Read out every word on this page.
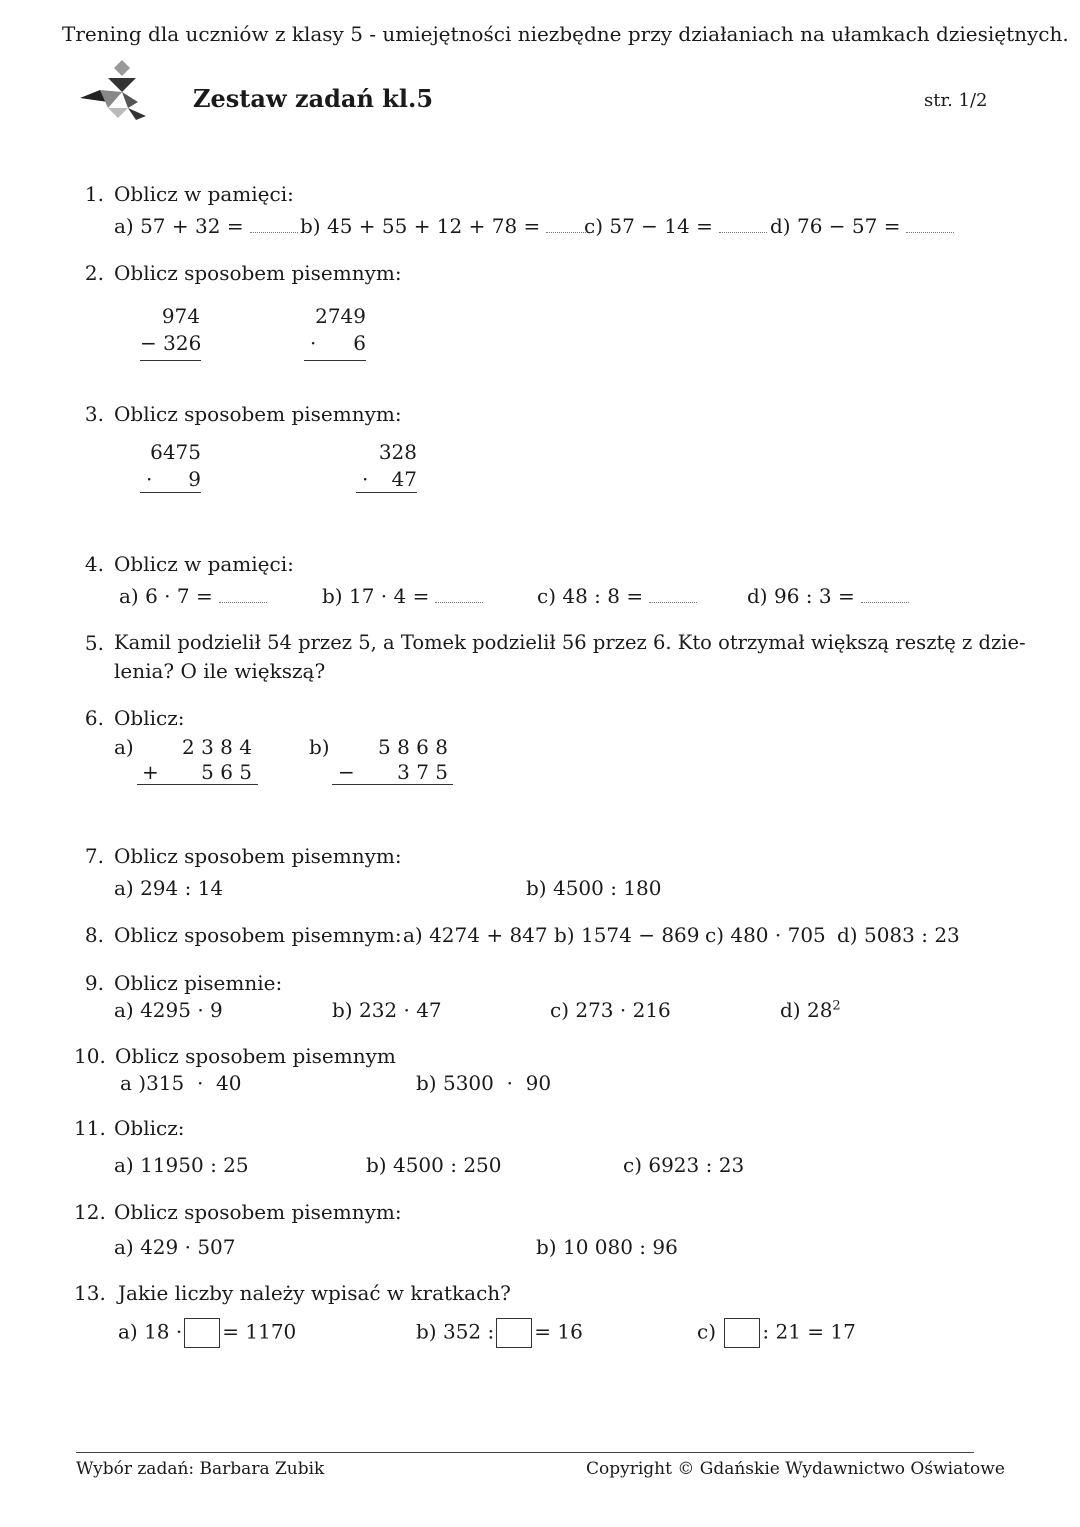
Trening dla uczniów z klasy 5 - umiejętności niezbędne przy działaniach na ułamkach dziesiętnych.
Zestaw zadań kl.5	str. 1/2
1. Oblicz w pamięci:
a) 57 + 32 =	b) 45 + 55 + 12 + 78 =	c) 57 − 14 =	d) 76 − 57 =
2. Oblicz sposobem pisemnym:
974
− 326
2749
·	6
3. Oblicz sposobem pisemnym:
6475
·	9
328
·	47
4. Oblicz w pamięci:
a) 6 · 7 =	b) 17 · 4 =	c) 48 : 8 =	d) 96 : 3 =
5. Kamil podzielił 54 przez 5, a Tomek podzielił 56 przez 6. Kto otrzymał większą resztę z dzie-
lenia? O ile większą?
6. Oblicz:
a)	2 3 8 4
+	5 6 5
b)	5 8 6 8
−	3 7 5
7. Oblicz sposobem pisemnym:
a) 294 : 14	b) 4500 : 180
8. Oblicz sposobem pisemnym: a) 4274 + 847 b) 1574 − 869 c) 480 · 705 d) 5083 : 23
9. Oblicz pisemnie:
a) 4295 · 9	b) 232 · 47	c) 273 · 216	d) $28^2$
10. Oblicz sposobem pisemnym
a )315  ·  40	b) 5300  ·  90
11. Oblicz:
a) 11950 : 25	b) 4500 : 250	c) 6923 : 23
12. Oblicz sposobem pisemnym:
a) 429 · 507	b) 10 080 : 96
13. Jakie liczby należy wpisać w kratkach?
a) 18 · = 1170	b) 352 : = 16	c) : 21 = 17
Wybór zadań: Barbara Zubik	Copyright © Gdańskie Wydawnictwo Oświatowe
